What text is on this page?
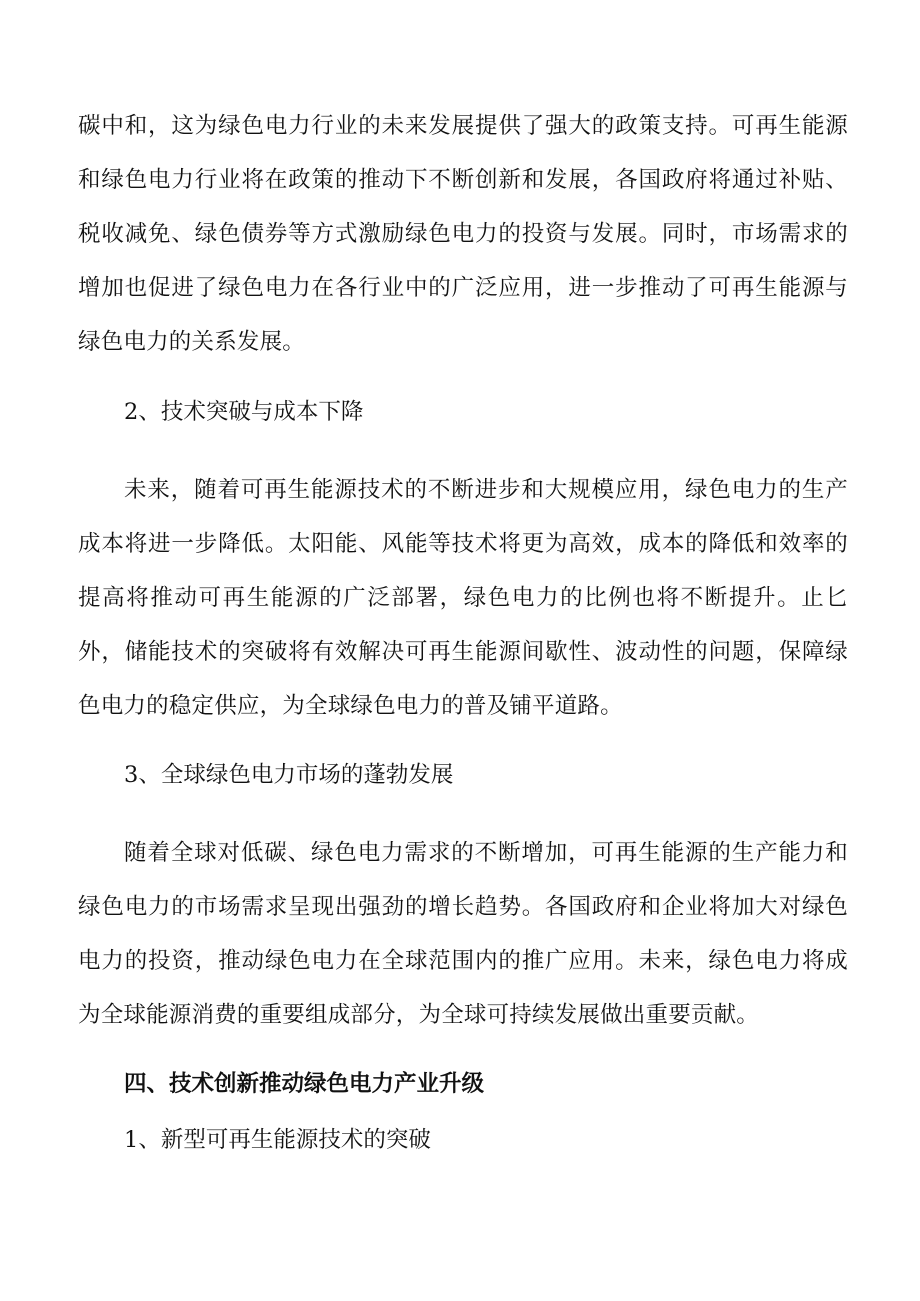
碳中和，这为绿色电力行业的未来发展提供了强大的政策支持。可再生能源和绿色电力行业将在政策的推动下不断创新和发展，各国政府将通过补贴、税收减免、绿色债券等方式激励绿色电力的投资与发展。同时，市场需求的增加也促进了绿色电力在各行业中的广泛应用，进一步推动了可再生能源与绿色电力的关系发展。

2、技术突破与成本下降

未来，随着可再生能源技术的不断进步和大规模应用，绿色电力的生产成本将进一步降低。太阳能、风能等技术将更为高效，成本的降低和效率的提高将推动可再生能源的广泛部署，绿色电力的比例也将不断提升。止匕外，储能技术的突破将有效解决可再生能源间歇性、波动性的问题，保障绿色电力的稳定供应，为全球绿色电力的普及铺平道路。

3、全球绿色电力市场的蓬勃发展

随着全球对低碳、绿色电力需求的不断增加，可再生能源的生产能力和绿色电力的市场需求呈现出强劲的增长趋势。各国政府和企业将加大对绿色电力的投资，推动绿色电力在全球范围内的推广应用。未来，绿色电力将成为全球能源消费的重要组成部分，为全球可持续发展做出重要贡献。

四、技术创新推动绿色电力产业升级

1、新型可再生能源技术的突破
